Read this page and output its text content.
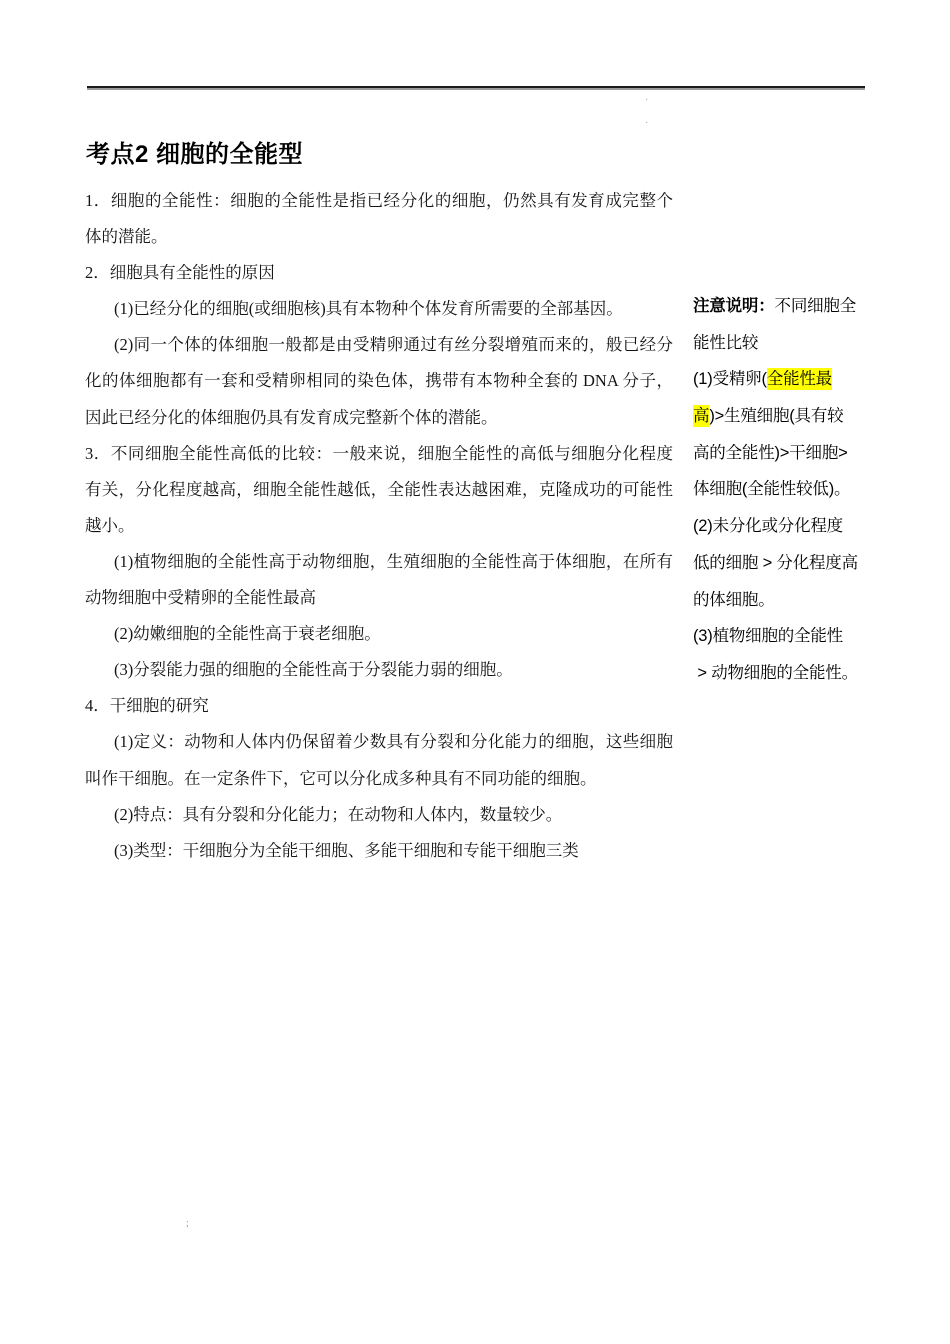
·
·
考点2 细胞的全能型
1．细胞的全能性：细胞的全能性是指已经分化的细胞，仍然具有发育成完整个
体的潜能。
2．细胞具有全能性的原因
(1)已经分化的细胞(或细胞核)具有本物种个体发育所需要的全部基因。
(2)同一个体的体细胞一般都是由受精卵通过有丝分裂增殖而来的，般已经分
化的体细胞都有一套和受精卵相同的染色体，携带有本物种全套的 DNA 分子，
因此已经分化的体细胞仍具有发育成完整新个体的潜能。
3．不同细胞全能性高低的比较：一般来说，细胞全能性的高低与细胞分化程度
有关，分化程度越高，细胞全能性越低，全能性表达越困难，克隆成功的可能性
越小。
(1)植物细胞的全能性高于动物细胞，生殖细胞的全能性高于体细胞，在所有
动物细胞中受精卵的全能性最高
(2)幼嫩细胞的全能性高于衰老细胞。
(3)分裂能力强的细胞的全能性高于分裂能力弱的细胞。
4．干细胞的研究
(1)定义：动物和人体内仍保留着少数具有分裂和分化能力的细胞，这些细胞
叫作干细胞。在一定条件下，它可以分化成多种具有不同功能的细胞。
(2)特点：具有分裂和分化能力；在动物和人体内，数量较少。
(3)类型：干细胞分为全能干细胞、多能干细胞和专能干细胞三类
注意说明：不同细胞全
能性比较
(1)受精卵(全能性最
高)>生殖细胞(具有较
高的全能性)>干细胞>
体细胞(全能性较低)。
(2)未分化或分化程度
低的细胞 > 分化程度高
的体细胞。
(3)植物细胞的全能性
> 动物细胞的全能性。
;
